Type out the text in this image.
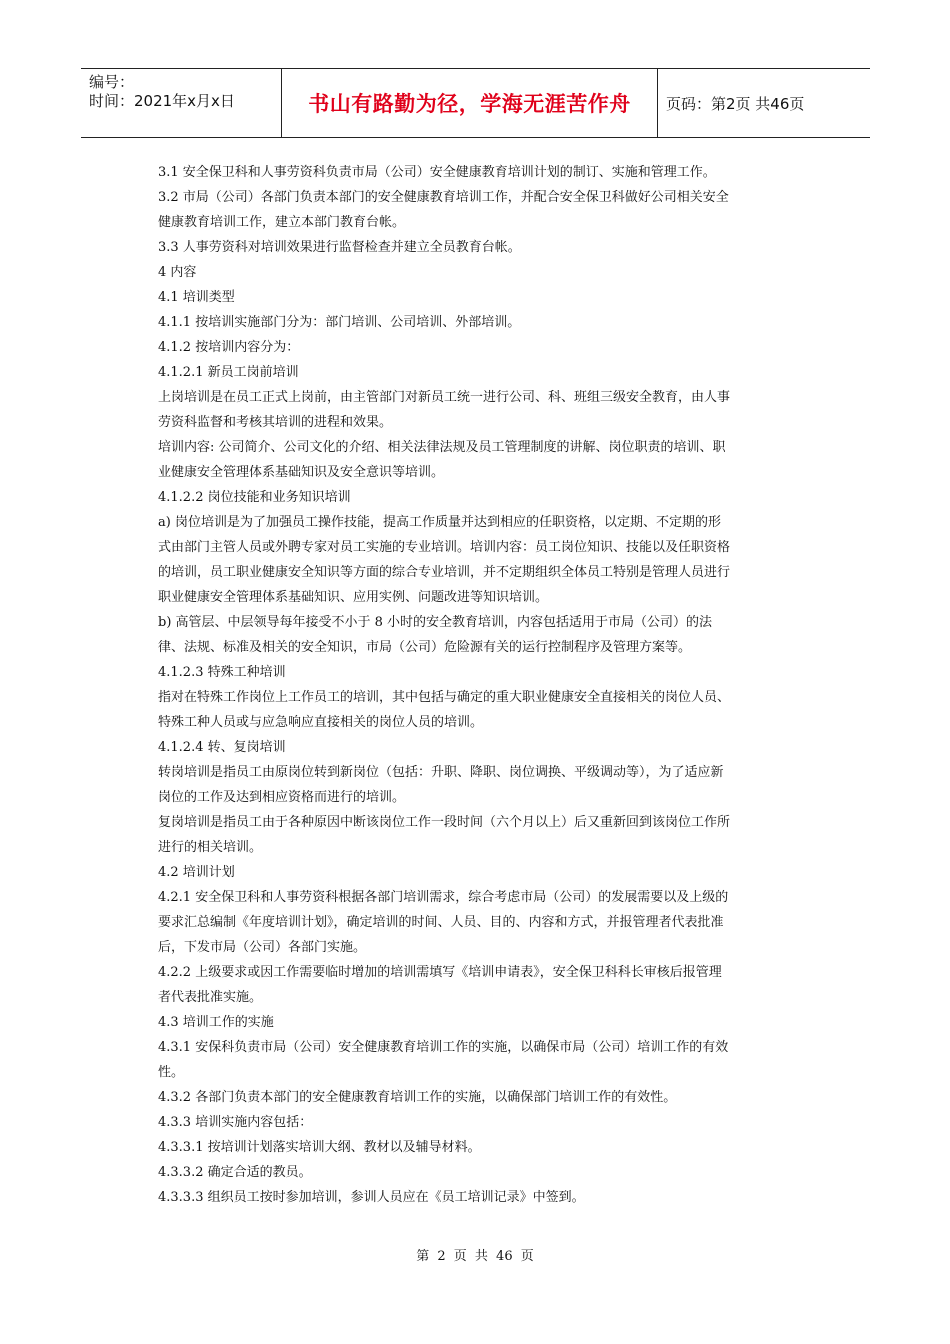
编号：
时间：2021年x月x日	书山有路勤为径，学海无涯苦作舟 页码：第2页 共46页

3.1 安全保卫科和人事劳资科负责市局（公司）安全健康教育培训计划的制订、实施和管理工作。

3.2 市局（公司）各部门负责本部门的安全健康教育培训工作，并配合安全保卫科做好公司相关安全

健康教育培训工作，建立本部门教育台帐。

3.3 人事劳资科对培训效果进行监督检查并建立全员教育台帐。

4 内容

4.1 培训类型

4.1.1 按培训实施部门分为：部门培训、公司培训、外部培训。

4.1.2 按培训内容分为：

4.1.2.1 新员工岗前培训

上岗培训是在员工正式上岗前，由主管部门对新员工统一进行公司、科、班组三级安全教育，由人事

劳资科监督和考核其培训的进程和效果。

培训内容: 公司简介、公司文化的介绍、相关法律法规及员工管理制度的讲解、岗位职责的培训、职

业健康安全管理体系基础知识及安全意识等培训。

4.1.2.2 岗位技能和业务知识培训

a) 岗位培训是为了加强员工操作技能，提高工作质量并达到相应的任职资格，以定期、不定期的形

式由部门主管人员或外聘专家对员工实施的专业培训。培训内容：员工岗位知识、技能以及任职资格

的培训，员工职业健康安全知识等方面的综合专业培训，并不定期组织全体员工特别是管理人员进行

职业健康安全管理体系基础知识、应用实例、问题改进等知识培训。

b) 高管层、中层领导每年接受不小于 8 小时的安全教育培训，内容包括适用于市局（公司）的法

律、法规、标准及相关的安全知识，市局（公司）危险源有关的运行控制程序及管理方案等。

4.1.2.3 特殊工种培训

指对在特殊工作岗位上工作员工的培训，其中包括与确定的重大职业健康安全直接相关的岗位人员、

特殊工种人员或与应急响应直接相关的岗位人员的培训。

4.1.2.4 转、复岗培训

转岗培训是指员工由原岗位转到新岗位（包括：升职、降职、岗位调换、平级调动等），为了适应新

岗位的工作及达到相应资格而进行的培训。

复岗培训是指员工由于各种原因中断该岗位工作一段时间（六个月以上）后又重新回到该岗位工作所

进行的相关培训。

4.2 培训计划

4.2.1 安全保卫科和人事劳资科根据各部门培训需求，综合考虑市局（公司）的发展需要以及上级的

要求汇总编制《年度培训计划》，确定培训的时间、人员、目的、内容和方式，并报管理者代表批准

后，下发市局（公司）各部门实施。

4.2.2 上级要求或因工作需要临时增加的培训需填写《培训申请表》，安全保卫科科长审核后报管理

者代表批准实施。

4.3 培训工作的实施

4.3.1 安保科负责市局（公司）安全健康教育培训工作的实施，以确保市局（公司）培训工作的有效

性。

4.3.2 各部门负责本部门的安全健康教育培训工作的实施，以确保部门培训工作的有效性。

4.3.3 培训实施内容包括：

4.3.3.1 按培训计划落实培训大纲、教材以及辅导材料。

4.3.3.2 确定合适的教员。

4.3.3.3 组织员工按时参加培训，参训人员应在《员工培训记录》中签到。

第 2 页 共 46 页
